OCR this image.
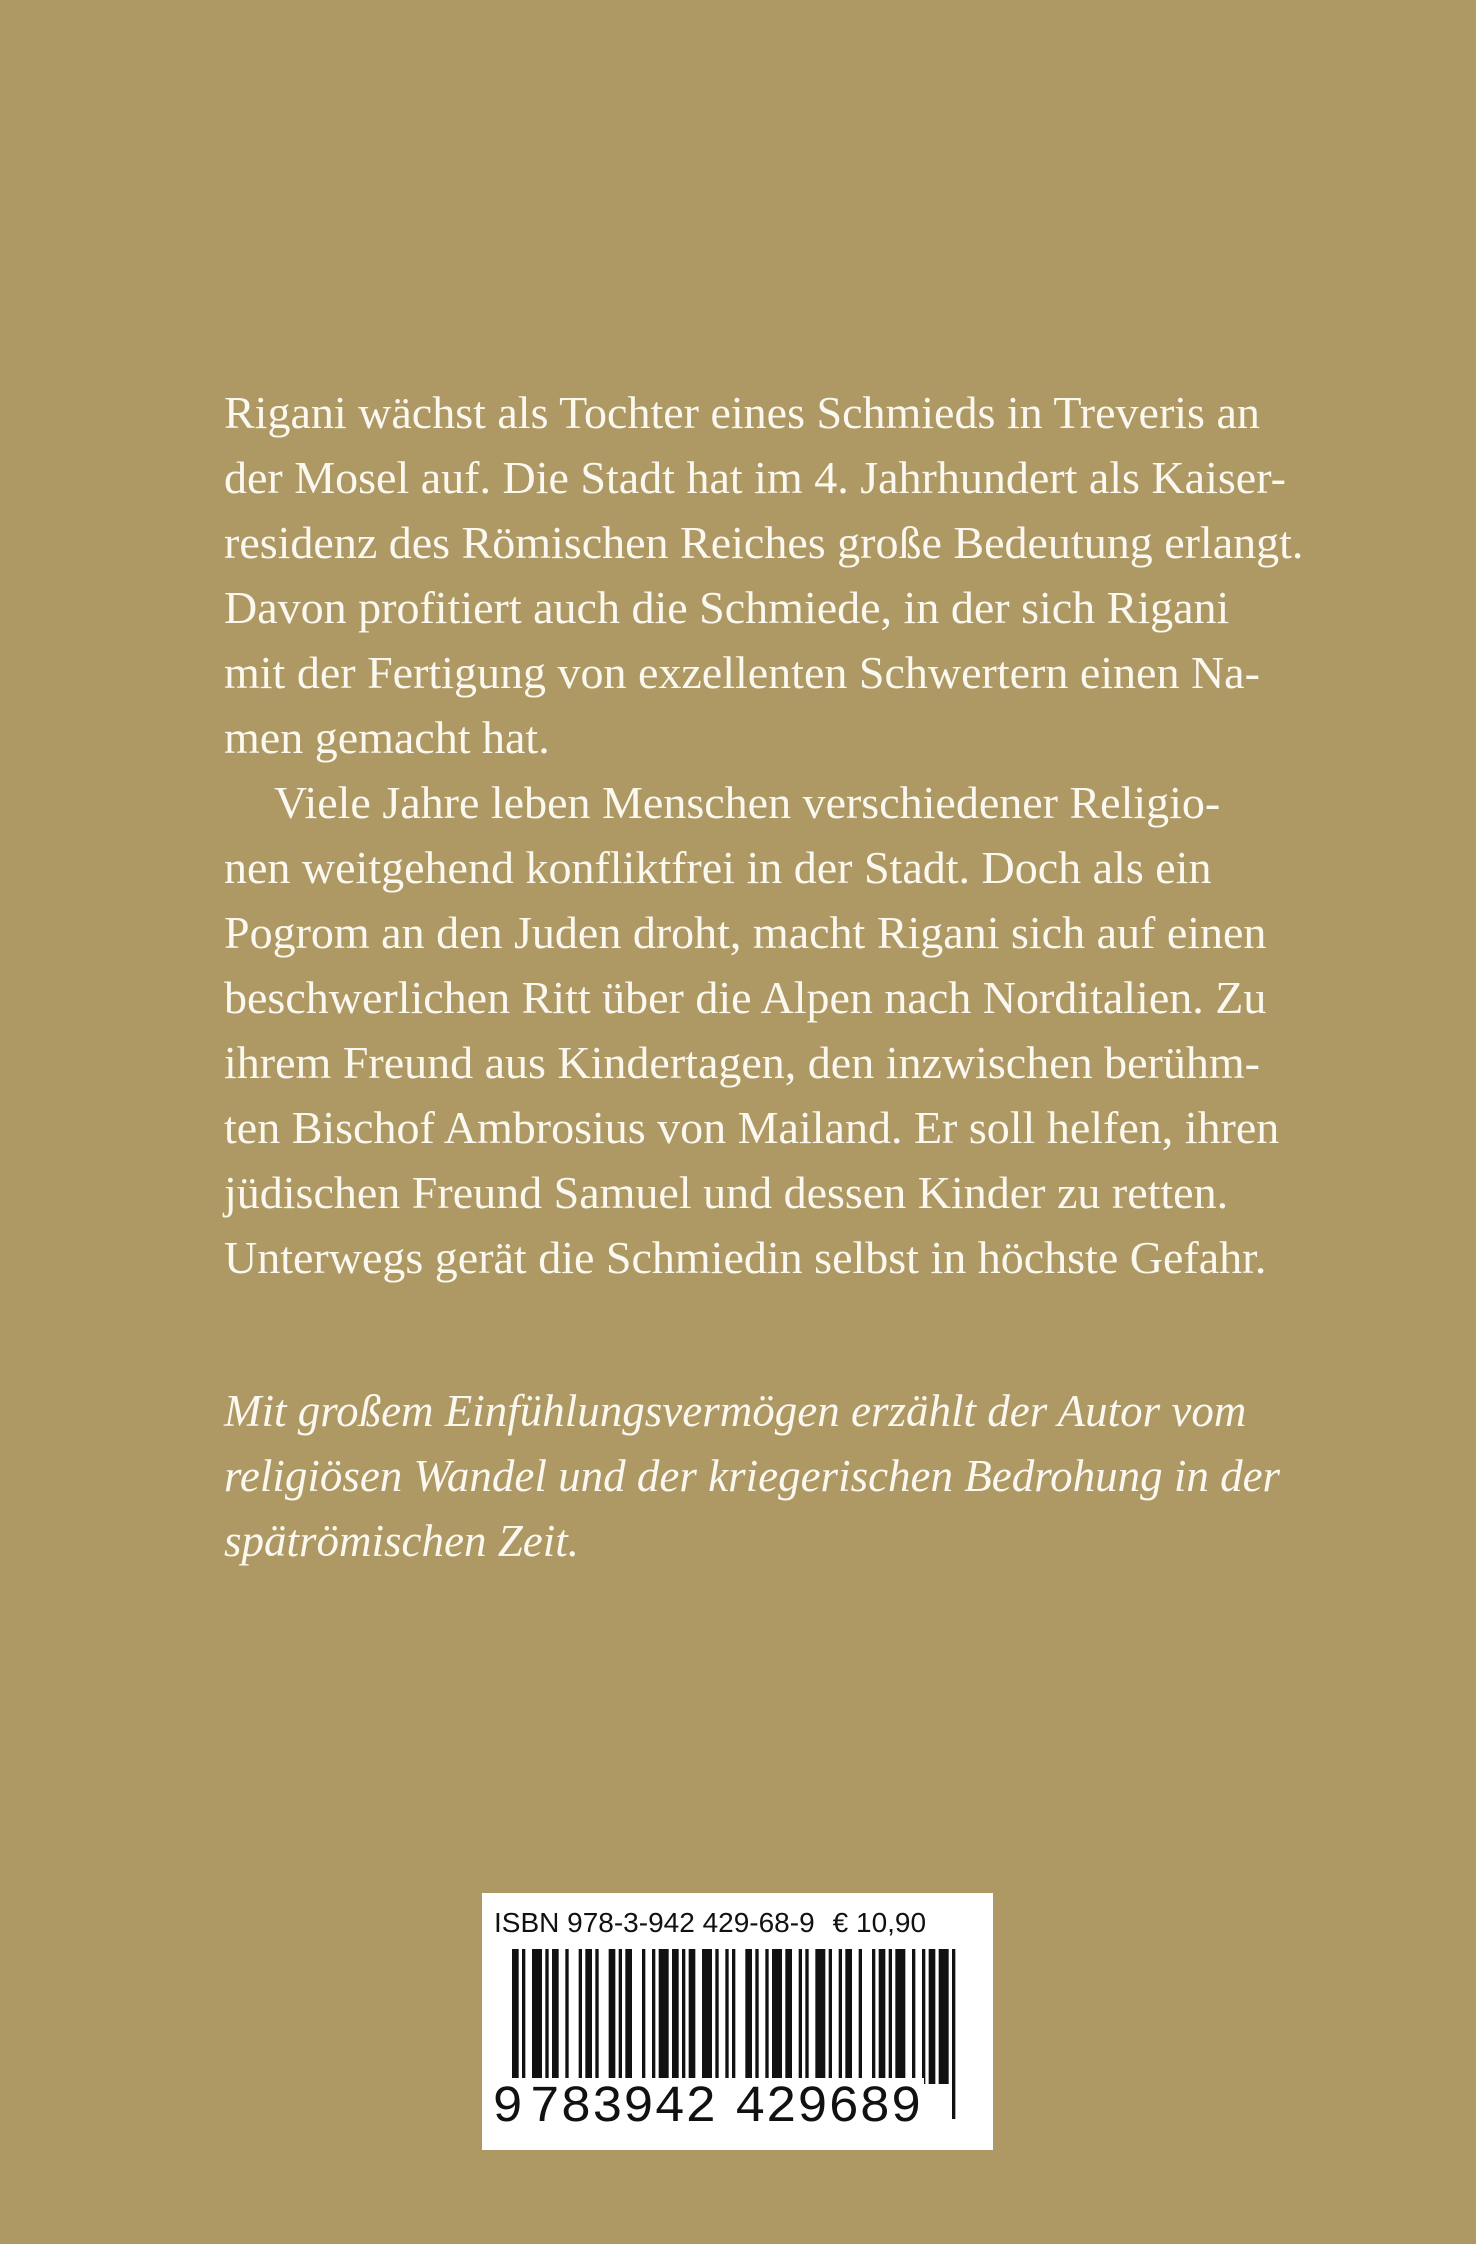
Rigani wächst als Tochter eines Schmieds in Treveris an
der Mosel auf. Die Stadt hat im 4. Jahrhundert als Kaiser-
residenz des Römischen Reiches große Bedeutung erlangt.
Davon profitiert auch die Schmiede, in der sich Rigani
mit der Fertigung von exzellenten Schwertern einen Na-
men gemacht hat.
Viele Jahre leben Menschen verschiedener Religio-
nen weitgehend konfliktfrei in der Stadt. Doch als ein
Pogrom an den Juden droht, macht Rigani sich auf einen
beschwerlichen Ritt über die Alpen nach Norditalien. Zu
ihrem Freund aus Kindertagen, den inzwischen berühm-
ten Bischof Ambrosius von Mailand. Er soll helfen, ihren
jüdischen Freund Samuel und dessen Kinder zu retten.
Unterwegs gerät die Schmiedin selbst in höchste Gefahr.
Mit großem Einfühlungsvermögen erzählt der Autor vom
religiösen Wandel und der kriegerischen Bedrohung in der
spätrömischen Zeit.
ISBN 978-3-942 429-68-9 € 10,90
9 783942 429689
